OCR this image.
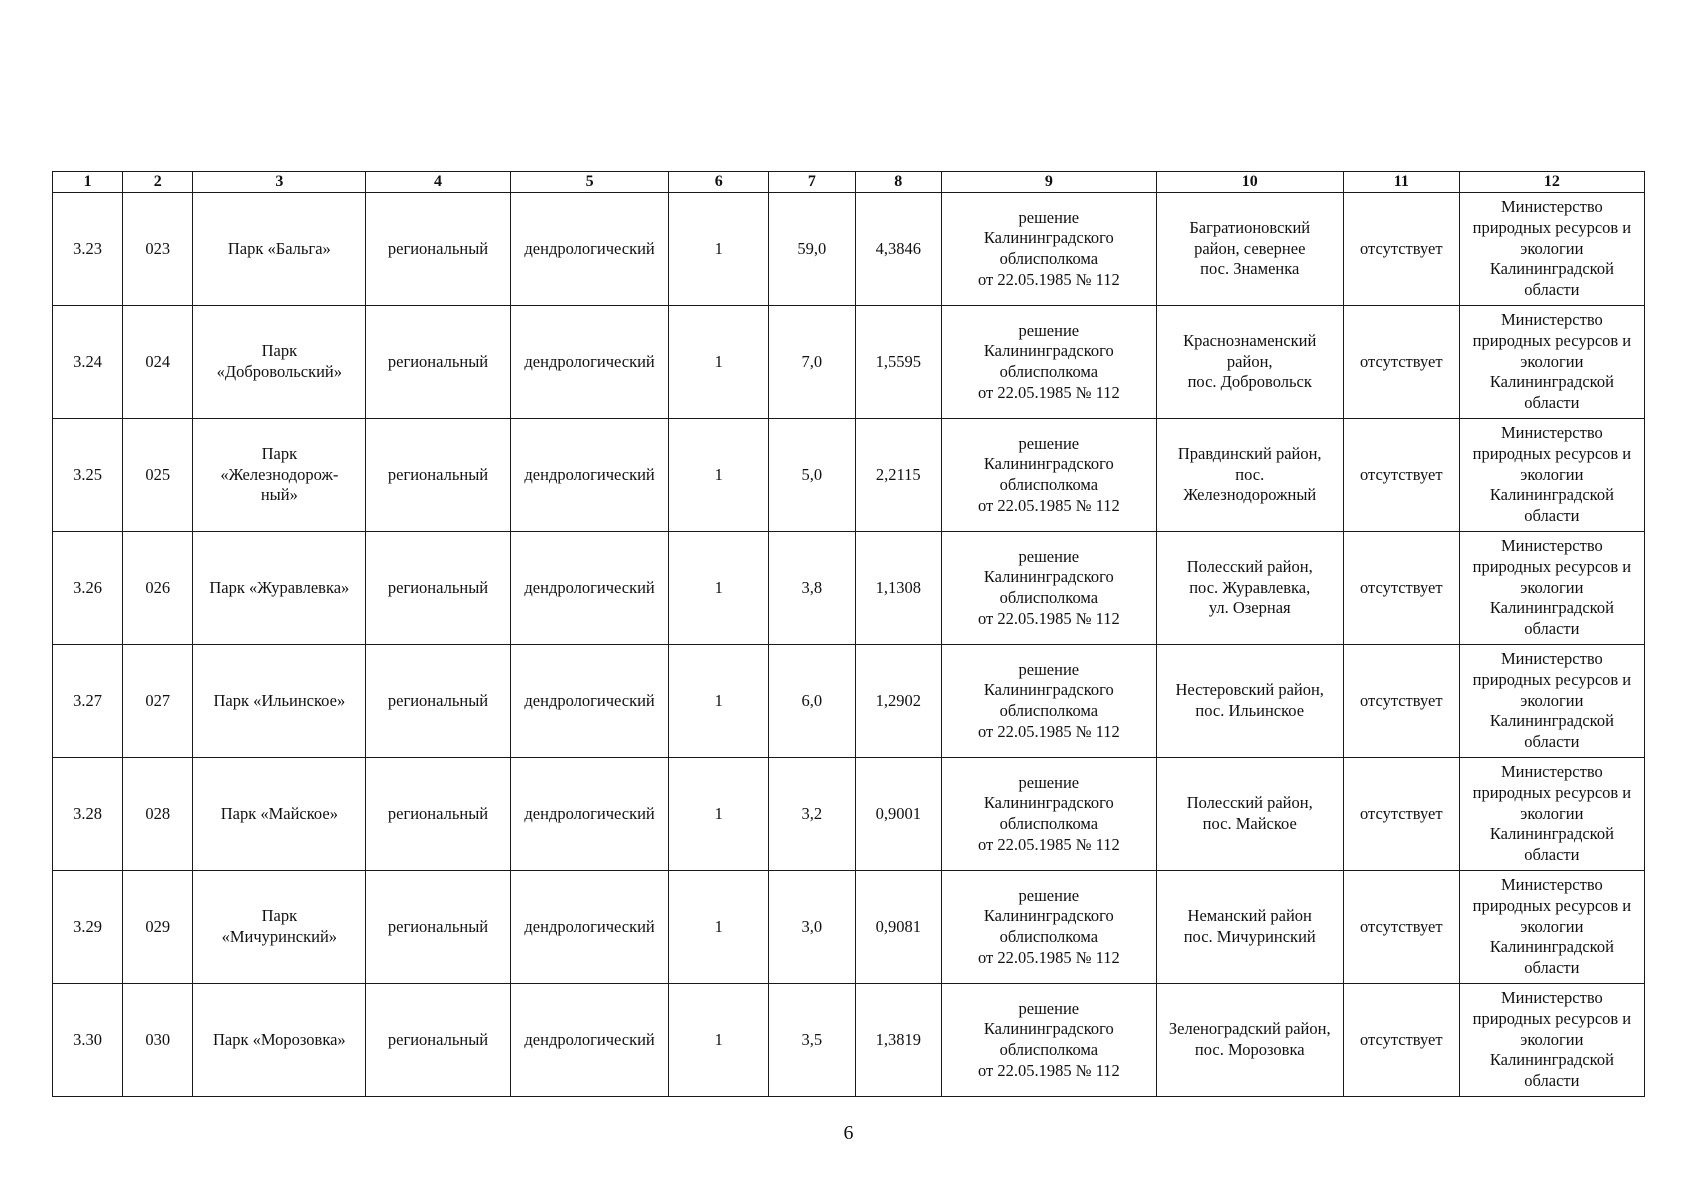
1	2	3	4	5	6	7	8	9	10	11	12
3.23	023	Парк «Бальга»	региональный	дендрологический	1	59,0	4,3846	решение
Калининградского
облисполкома
от 22.05.1985 № 112	Багратионовский
район, севернее
пос. Знаменка	отсутствует	Министерство
природных ресурсов и
экологии
Калининградской
области
3.24	024	Парк
«Добровольский»	региональный	дендрологический	1	7,0	1,5595	решение
Калининградского
облисполкома
от 22.05.1985 № 112	Краснознаменский
район,
пос. Добровольск	отсутствует	Министерство
природных ресурсов и
экологии
Калининградской
области
3.25	025	Парк
«Железнодорож-
ный»	региональный	дендрологический	1	5,0	2,2115	решение
Калининградского
облисполкома
от 22.05.1985 № 112	Правдинский район,
пос.
Железнодорожный	отсутствует	Министерство
природных ресурсов и
экологии
Калининградской
области
3.26	026	Парк «Журавлевка»	региональный	дендрологический	1	3,8	1,1308	решение
Калининградского
облисполкома
от 22.05.1985 № 112	Полесский район,
пос. Журавлевка,
ул. Озерная	отсутствует	Министерство
природных ресурсов и
экологии
Калининградской
области
3.27	027	Парк «Ильинское»	региональный	дендрологический	1	6,0	1,2902	решение
Калининградского
облисполкома
от 22.05.1985 № 112	Нестеровский район,
пос. Ильинское	отсутствует	Министерство
природных ресурсов и
экологии
Калининградской
области
3.28	028	Парк «Майское»	региональный	дендрологический	1	3,2	0,9001	решение
Калининградского
облисполкома
от 22.05.1985 № 112	Полесский район,
пос. Майское	отсутствует	Министерство
природных ресурсов и
экологии
Калининградской
области
3.29	029	Парк
«Мичуринский»	региональный	дендрологический	1	3,0	0,9081	решение
Калининградского
облисполкома
от 22.05.1985 № 112	Неманский район
пос. Мичуринский	отсутствует	Министерство
природных ресурсов и
экологии
Калининградской
области
3.30	030	Парк «Морозовка»	региональный	дендрологический	1	3,5	1,3819	решение
Калининградского
облисполкома
от 22.05.1985 № 112	Зеленоградский район,
пос. Морозовка	отсутствует	Министерство
природных ресурсов и
экологии
Калининградской
области
6
